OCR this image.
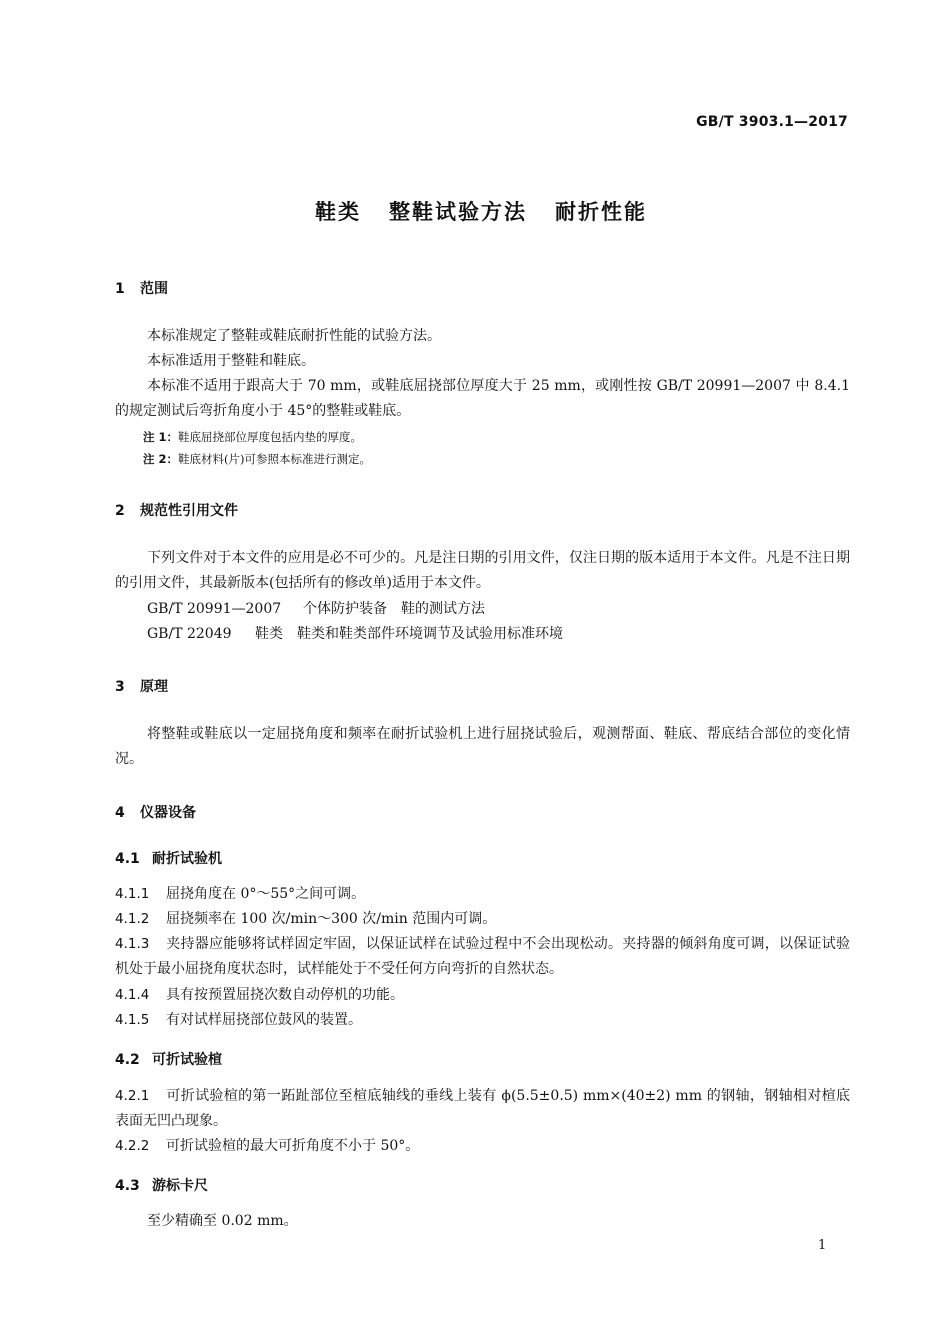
GB/T 3903.1—2017
鞋类 整鞋试验方法 耐折性能
1 范围
本标准规定了整鞋或鞋底耐折性能的试验方法。
本标准适用于整鞋和鞋底。
本标准不适用于跟高大于 70 mm，或鞋底屈挠部位厚度大于 25 mm，或刚性按 GB/T 20991—2007 中 8.4.1 的规定测试后弯折角度小于 45°的整鞋或鞋底。
注 1：鞋底屈挠部位厚度包括内垫的厚度。
注 2：鞋底材料(片)可参照本标准进行测定。
2 规范性引用文件
下列文件对于本文件的应用是必不可少的。凡是注日期的引用文件，仅注日期的版本适用于本文件。凡是不注日期的引用文件，其最新版本(包括所有的修改单)适用于本文件。
GB/T 20991—2007 个体防护装备　鞋的测试方法
GB/T 22049 鞋类　鞋类和鞋类部件环境调节及试验用标准环境
3 原理
将整鞋或鞋底以一定屈挠角度和频率在耐折试验机上进行屈挠试验后，观测帮面、鞋底、帮底结合部位的变化情况。
4 仪器设备
4.1 耐折试验机
4.1.1 屈挠角度在 0°～55°之间可调。
4.1.2 屈挠频率在 100 次/min～300 次/min 范围内可调。
4.1.3 夹持器应能够将试样固定牢固，以保证试样在试验过程中不会出现松动。夹持器的倾斜角度可调，以保证试验机处于最小屈挠角度状态时，试样能处于不受任何方向弯折的自然状态。
4.1.4 具有按预置屈挠次数自动停机的功能。
4.1.5 有对试样屈挠部位鼓风的装置。
4.2 可折试验楦
4.2.1 可折试验楦的第一跖趾部位至楦底轴线的垂线上装有 ϕ(5.5±0.5) mm×(40±2) mm 的钢轴，钢轴相对楦底表面无凹凸现象。
4.2.2 可折试验楦的最大可折角度不小于 50°。
4.3 游标卡尺
至少精确至 0.02 mm。
1
